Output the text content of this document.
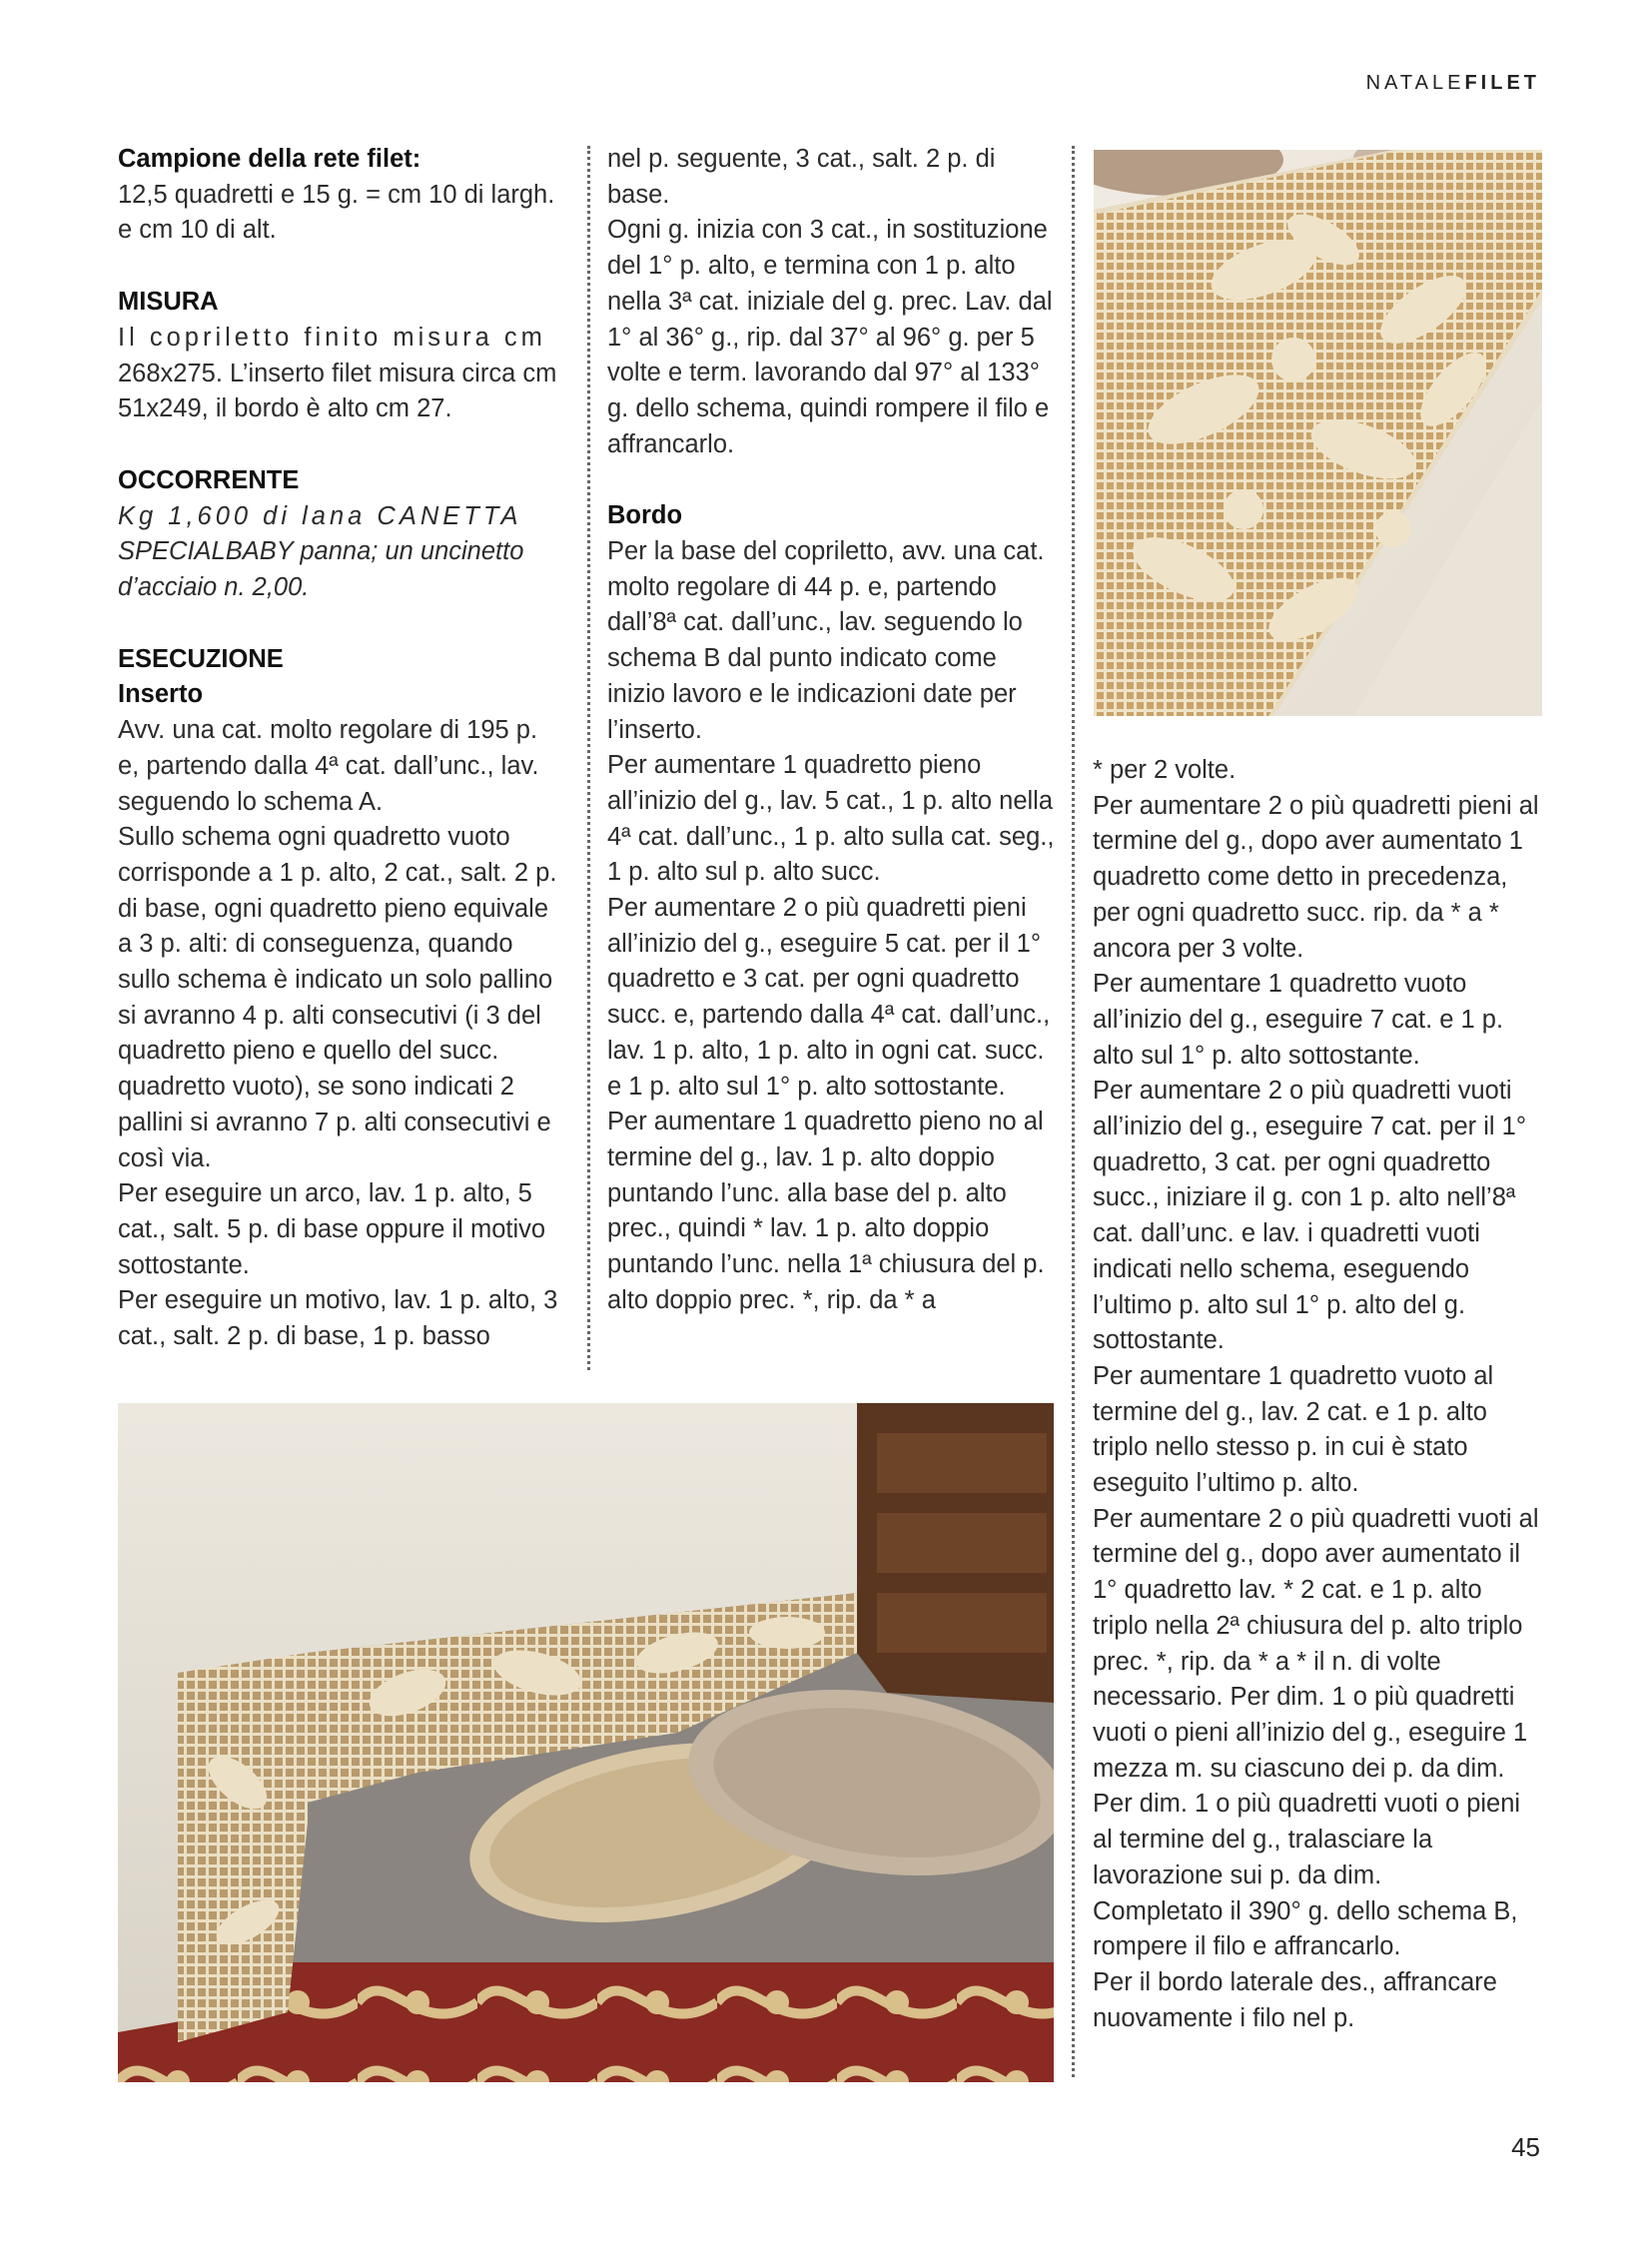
NATALEFILET

Campione della rete filet:

12,5 quadretti e 15 g. = cm 10 di largh. e cm 10 di alt.

MISURA

Il copriletto finito misura cm

268x275. L’inserto filet misura circa cm 51x249, il bordo è alto cm 27.

OCCORRENTE

Kg 1,600 di lana CANETTA

SPECIALBABY panna; un uncinetto d’acciaio n. 2,00.

ESECUZIONE

Inserto

Avv. una cat. molto regolare di 195 p. e, partendo dalla 4ª cat. dall’unc., lav. seguendo lo schema A.

Sullo schema ogni quadretto vuoto corrisponde a 1 p. alto, 2 cat., salt. 2 p. di base, ogni quadretto pieno equivale a 3 p. alti: di conseguenza, quando sullo schema è indicato un solo pallino si avranno 4 p. alti consecutivi (i 3 del quadretto pieno e quello del succ. quadretto vuoto), se sono indicati 2 pallini si avranno 7 p. alti consecutivi e così via.

Per eseguire un arco, lav. 1 p. alto, 5 cat., salt. 5 p. di base oppure il motivo sottostante.

Per eseguire un motivo, lav. 1 p. alto, 3 cat., salt. 2 p. di base, 1 p. basso

nel p. seguente, 3 cat., salt. 2 p. di base.

Ogni g. inizia con 3 cat., in sostituzione del 1° p. alto, e termina con 1 p. alto nella 3ª cat. iniziale del g. prec. Lav. dal 1° al 36° g., rip. dal 37° al 96° g. per 5 volte e term. lavorando dal 97° al 133° g. dello schema, quindi rompere il filo e affrancarlo.

Bordo

Per la base del copriletto, avv. una cat. molto regolare di 44 p. e, partendo dall’8ª cat. dall’unc., lav. seguendo lo schema B dal punto indicato come inizio lavoro e le indicazioni date per l’inserto.

Per aumentare 1 quadretto pieno all’inizio del g., lav. 5 cat., 1 p. alto nella 4ª cat. dall’unc., 1 p. alto sulla cat. seg., 1 p. alto sul p. alto succ.

Per aumentare 2 o più quadretti pieni all’inizio del g., eseguire 5 cat. per il 1° quadretto e 3 cat. per ogni quadretto succ. e, partendo dalla 4ª cat. dall’unc., lav. 1 p. alto, 1 p. alto in ogni cat. succ. e 1 p. alto sul 1° p. alto sottostante.

Per aumentare 1 quadretto pieno no al termine del g., lav. 1 p. alto doppio puntando l’unc. alla base del p. alto prec., quindi * lav. 1 p. alto doppio puntando l’unc. nella 1ª chiusura del p. alto doppio prec. *, rip. da * a

* per 2 volte.

Per aumentare 2 o più quadretti pieni al termine del g., dopo aver aumentato 1 quadretto come detto in precedenza, per ogni quadretto succ. rip. da * a * ancora per 3 volte.

Per aumentare 1 quadretto vuoto all’inizio del g., eseguire 7 cat. e 1 p. alto sul 1° p. alto sottostante.

Per aumentare 2 o più quadretti vuoti all’inizio del g., eseguire 7 cat. per il 1° quadretto, 3 cat. per ogni quadretto succ., iniziare il g. con 1 p. alto nell’8ª cat. dall’unc. e lav. i quadretti vuoti indicati nello schema, eseguendo l’ultimo p. alto sul 1° p. alto del g. sottostante.

Per aumentare 1 quadretto vuoto al termine del g., lav. 2 cat. e 1 p. alto triplo nello stesso p. in cui è stato eseguito l’ultimo p. alto.

Per aumentare 2 o più quadretti vuoti al termine del g., dopo aver aumentato il 1° quadretto lav. * 2 cat. e 1 p. alto triplo nella 2ª chiusura del p. alto triplo prec. *, rip. da * a * il n. di volte necessario. Per dim. 1 o più quadretti vuoti o pieni all’inizio del g., eseguire 1 mezza m. su ciascuno dei p. da dim.

Per dim. 1 o più quadretti vuoti o pieni al termine del g., tralasciare la lavorazione sui p. da dim.

Completato il 390° g. dello schema B, rompere il filo e affrancarlo.

Per il bordo laterale des., affrancare nuovamente i filo nel p.

45
